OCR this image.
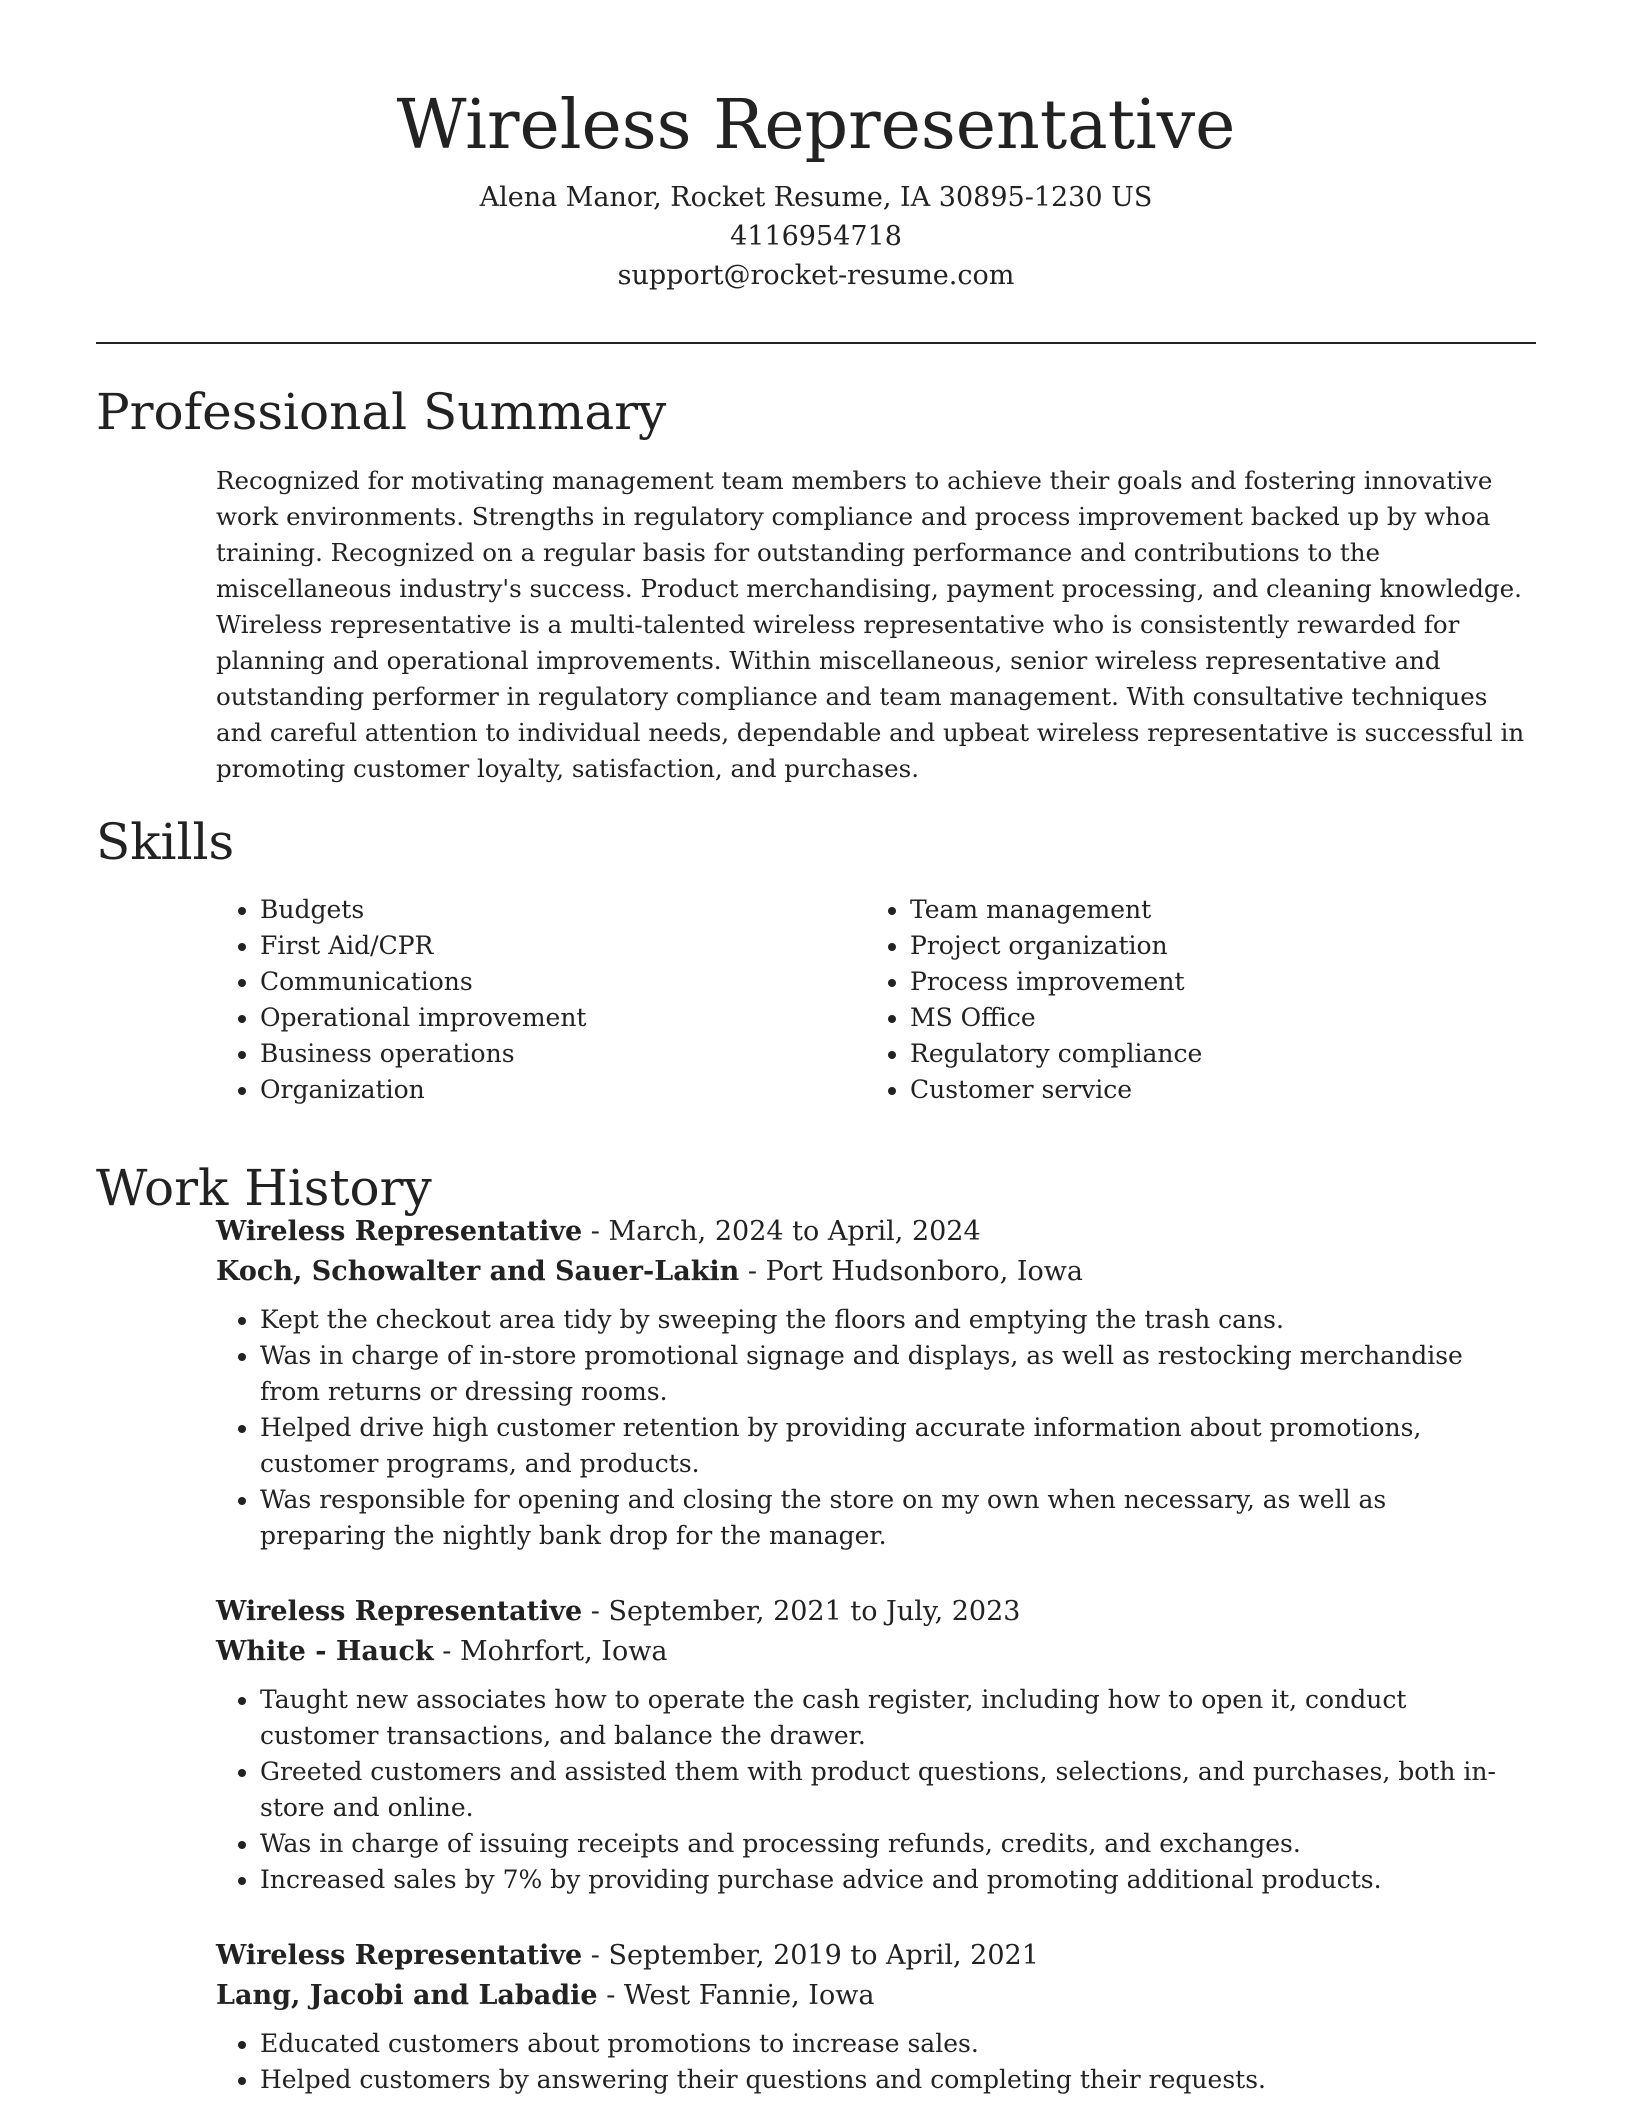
Wireless Representative

Alena Manor, Rocket Resume, IA 30895-1230 US

4116954718

support@rocket-resume.com

Professional Summary

Recognized for motivating management team members to achieve their goals and fostering innovative work environments. Strengths in regulatory compliance and process improvement backed up by whoa training. Recognized on a regular basis for outstanding performance and contributions to the miscellaneous industry's success. Product merchandising, payment processing, and cleaning knowledge. Wireless representative is a multi-talented wireless representative who is consistently rewarded for planning and operational improvements. Within miscellaneous, senior wireless representative and outstanding performer in regulatory compliance and team management. With consultative techniques and careful attention to individual needs, dependable and upbeat wireless representative is successful in promoting customer loyalty, satisfaction, and purchases.

Skills
• Budgets
• First Aid/CPR
• Communications
• Operational improvement
• Business operations
• Organization
• Team management
• Project organization
• Process improvement
• MS Office
• Regulatory compliance
• Customer service
Work History

Wireless Representative - March, 2024 to April, 2024

Koch, Schowalter and Sauer-Lakin - Port Hudsonboro, Iowa

• Kept the checkout area tidy by sweeping the floors and emptying the trash cans.
• Was in charge of in-store promotional signage and displays, as well as restocking merchandise from returns or dressing rooms.
• Helped drive high customer retention by providing accurate information about promotions, customer programs, and products.
• Was responsible for opening and closing the store on my own when necessary, as well as preparing the nightly bank drop for the manager.

Wireless Representative - September, 2021 to July, 2023

White - Hauck - Mohrfort, Iowa

• Taught new associates how to operate the cash register, including how to open it, conduct customer transactions, and balance the drawer.
• Greeted customers and assisted them with product questions, selections, and purchases, both in-store and online.
• Was in charge of issuing receipts and processing refunds, credits, and exchanges.
• Increased sales by 7% by providing purchase advice and promoting additional products.

Wireless Representative - September, 2019 to April, 2021

Lang, Jacobi and Labadie - West Fannie, Iowa

• Educated customers about promotions to increase sales.
• Helped customers by answering their questions and completing their requests.
